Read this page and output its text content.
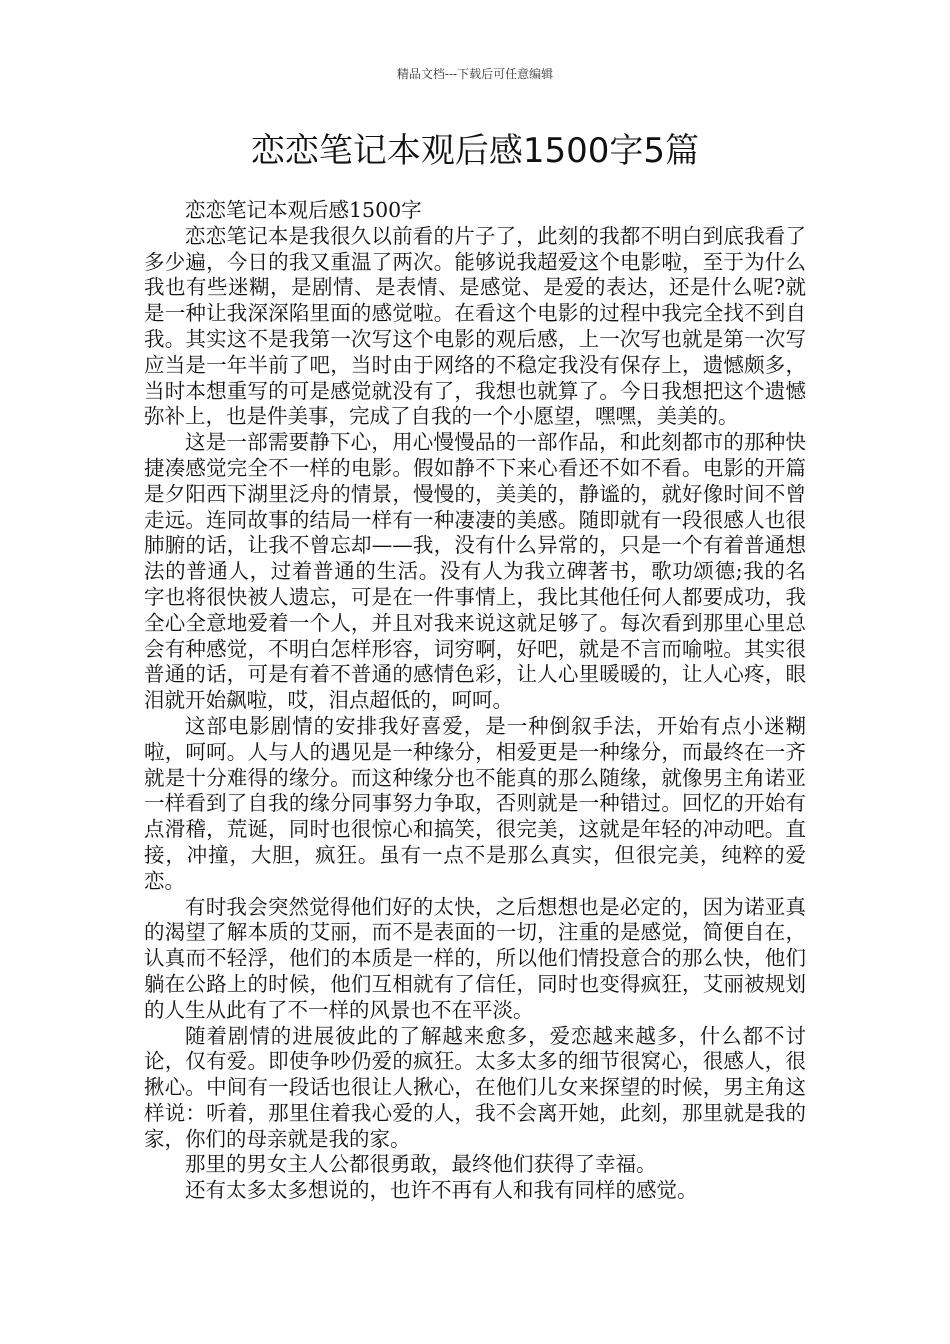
精品文档---下载后可任意编辑
恋恋笔记本观后感1500字5篇

恋恋笔记本观后感1500字

恋恋笔记本是我很久以前看的片子了，此刻的我都不明白到底我看了多少遍，今日的我又重温了两次。能够说我超爱这个电影啦，至于为什么我也有些迷糊，是剧情、是表情、是感觉、是爱的表达，还是什么呢?就是一种让我深深陷里面的感觉啦。在看这个电影的过程中我完全找不到自我。其实这不是我第一次写这个电影的观后感，上一次写也就是第一次写应当是一年半前了吧，当时由于网络的不稳定我没有保存上，遗憾颇多，当时本想重写的可是感觉就没有了，我想也就算了。今日我想把这个遗憾弥补上，也是件美事，完成了自我的一个小愿望，嘿嘿，美美的。

这是一部需要静下心，用心慢慢品的一部作品，和此刻都市的那种快捷凑感觉完全不一样的电影。假如静不下来心看还不如不看。电影的开篇是夕阳西下湖里泛舟的情景，慢慢的，美美的，静谧的，就好像时间不曾走远。连同故事的结局一样有一种凄凄的美感。随即就有一段很感人也很肺腑的话，让我不曾忘却——我，没有什么异常的，只是一个有着普通想法的普通人，过着普通的生活。没有人为我立碑著书，歌功颂德;我的名字也将很快被人遗忘，可是在一件事情上，我比其他任何人都要成功，我全心全意地爱着一个人，并且对我来说这就足够了。每次看到那里心里总会有种感觉，不明白怎样形容，词穷啊，好吧，就是不言而喻啦。其实很普通的话，可是有着不普通的感情色彩，让人心里暖暖的，让人心疼，眼泪就开始飙啦，哎，泪点超低的，呵呵。

这部电影剧情的安排我好喜爱，是一种倒叙手法，开始有点小迷糊啦，呵呵。人与人的遇见是一种缘分，相爱更是一种缘分，而最终在一齐就是十分难得的缘分。而这种缘分也不能真的那么随缘，就像男主角诺亚一样看到了自我的缘分同事努力争取，否则就是一种错过。回忆的开始有点滑稽，荒诞，同时也很惊心和搞笑，很完美，这就是年轻的冲动吧。直接，冲撞，大胆，疯狂。虽有一点不是那么真实，但很完美，纯粹的爱恋。

有时我会突然觉得他们好的太快，之后想想也是必定的，因为诺亚真的渴望了解本质的艾丽，而不是表面的一切，注重的是感觉，简便自在，认真而不轻浮，他们的本质是一样的，所以他们情投意合的那么快，他们躺在公路上的时候，他们互相就有了信任，同时也变得疯狂，艾丽被规划的人生从此有了不一样的风景也不在平淡。

随着剧情的进展彼此的了解越来愈多，爱恋越来越多，什么都不讨论，仅有爱。即使争吵仍爱的疯狂。太多太多的细节很窝心，很感人，很揪心。中间有一段话也很让人揪心，在他们儿女来探望的时候，男主角这样说：听着，那里住着我心爱的人，我不会离开她，此刻，那里就是我的家，你们的母亲就是我的家。

那里的男女主人公都很勇敢，最终他们获得了幸福。

还有太多太多想说的，也许不再有人和我有同样的感觉。
